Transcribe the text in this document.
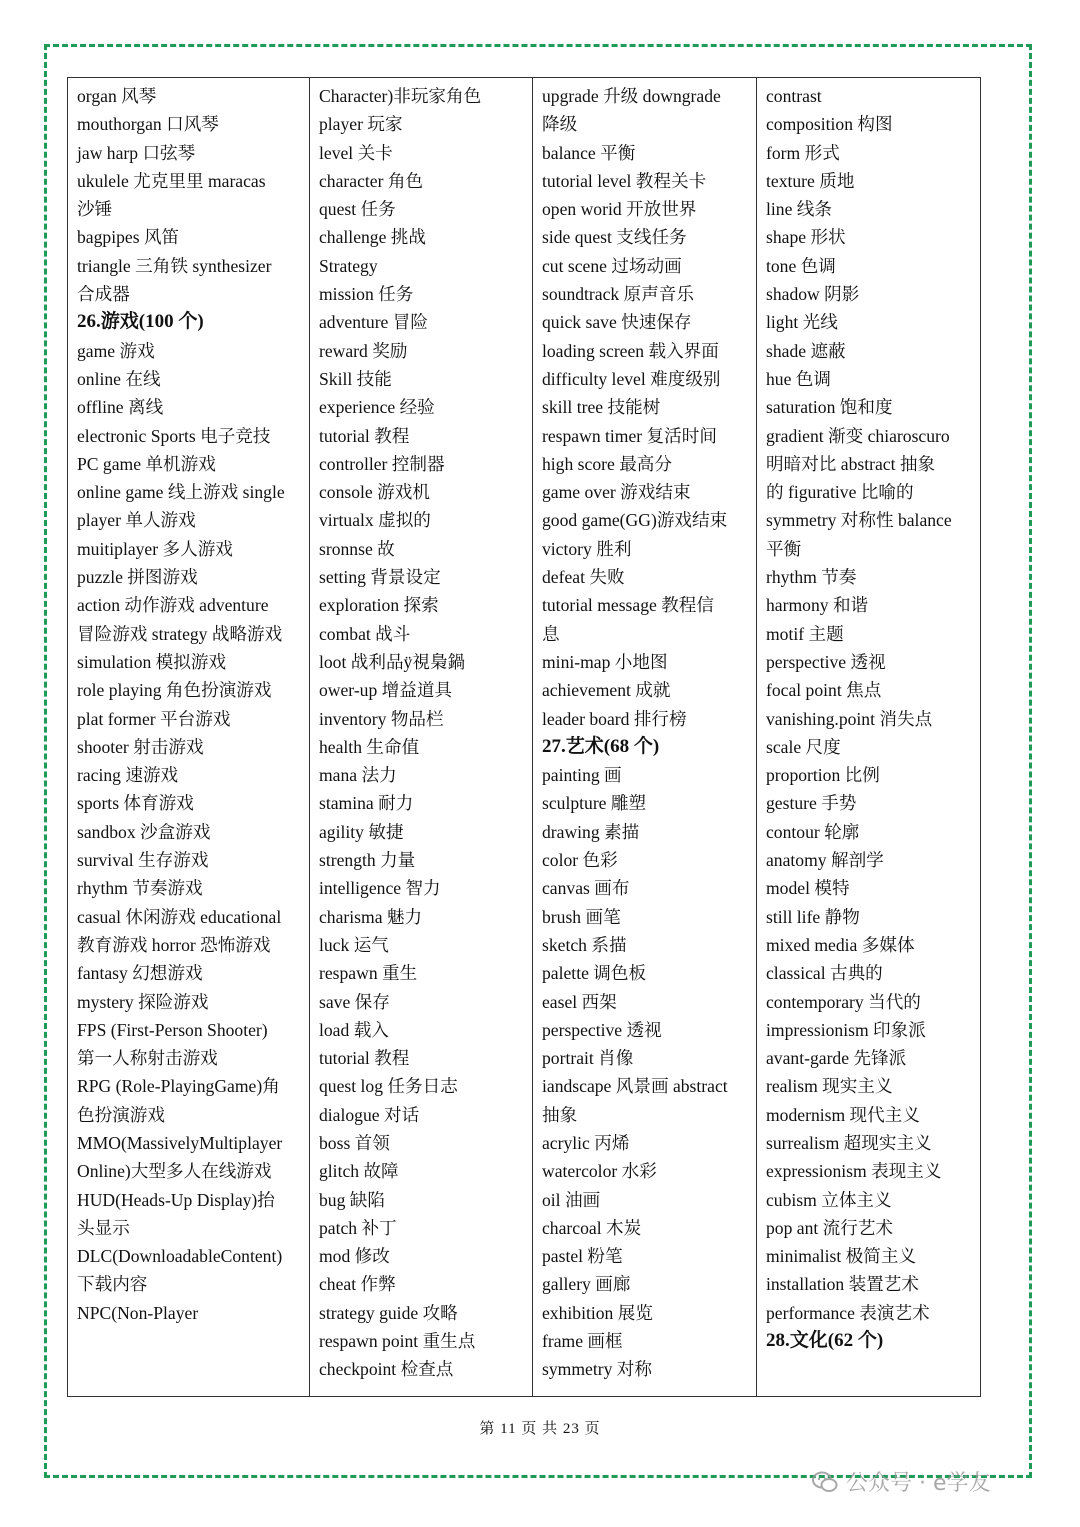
organ 风琴
mouthorgan 口风琴
jaw harp 口弦琴
ukulele 尤克里里 maracas
沙锤
bagpipes 风笛
triangle 三角铁 synthesizer
合成器
26.游戏(100 个)
game 游戏
online 在线
offline 离线
electronic Sports 电子竞技
PC game 单机游戏
online game 线上游戏 single
player 单人游戏
muitiplayer 多人游戏
puzzle 拼图游戏
action 动作游戏 adventure
冒险游戏 strategy 战略游戏
simulation 模拟游戏
role playing 角色扮演游戏
plat former 平台游戏
shooter 射击游戏
racing 速游戏
sports 体育游戏
sandbox 沙盒游戏
survival 生存游戏
rhythm 节奏游戏
casual 休闲游戏 educational
教育游戏 horror 恐怖游戏
fantasy 幻想游戏
mystery 探险游戏
FPS (First-Person Shooter)
第一人称射击游戏
RPG (Role-PlayingGame)角
色扮演游戏
MMO(MassivelyMultiplayer
Online)大型多人在线游戏
HUD(Heads-Up Display)抬
头显示
DLC(DownloadableContent)
下载内容
NPC(Non-Player

Character)非玩家角色
player 玩家
level 关卡
character 角色
quest 任务
challenge 挑战
Strategy
mission 任务
adventure 冒险
reward 奖励
Skill 技能
experience 经验
tutorial 教程
controller 控制器
console 游戏机
virtualx 虚拟的
sronnse 故
setting 背景设定
exploration 探索
combat 战斗
loot 战利品ÿ視梟鍋
ower-up 增益道具
inventory 物品栏
health 生命值
mana 法力
stamina 耐力
agility 敏捷
strength 力量
intelligence 智力
charisma 魅力
luck 运气
respawn 重生
save 保存
load 载入
tutorial 教程
quest log 任务日志
dialogue 对话
boss 首领
glitch 故障
bug 缺陷
patch 补丁
mod 修改
cheat 作弊
strategy guide 攻略
respawn point 重生点
checkpoint 检查点

upgrade 升级 downgrade
降级
balance 平衡
tutorial level 教程关卡
open worid 开放世界
side quest 支线任务
cut scene 过场动画
soundtrack 原声音乐
quick save 快速保存
loading screen 载入界面
difficulty level 难度级别
skill tree 技能树
respawn timer 复活时间
high score 最高分
game over 游戏结束
good game(GG)游戏结束
victory 胜利
defeat 失败
tutorial message 教程信
息
mini-map 小地图
achievement 成就
leader board 排行榜
27.艺术(68 个)
painting 画
sculpture 雕塑
drawing 素描
color 色彩
canvas 画布
brush 画笔
sketch 系描
palette 调色板
easel 西架
perspective 透视
portrait 肖像
iandscape 风景画 abstract
抽象
acrylic 丙烯
watercolor 水彩
oil 油画
charcoal 木炭
pastel 粉笔
gallery 画廊
exhibition 展览
frame 画框
symmetry 对称

contrast
composition 构图
form 形式
texture 质地
line 线条
shape 形状
tone 色调
shadow 阴影
light 光线
shade 遮蔽
hue 色调
saturation 饱和度
gradient 渐变 chiaroscuro
明暗对比 abstract 抽象
的 figurative 比喻的
symmetry 对称性 balance
平衡
rhythm 节奏
harmony 和谐
motif 主题
perspective 透视
focal point 焦点
vanishing.point 消失点
scale 尺度
proportion 比例
gesture 手势
contour 轮廓
anatomy 解剖学
model 模特
still life 静物
mixed media 多媒体
classical 古典的
contemporary 当代的
impressionism 印象派
avant-garde 先锋派
realism 现实主义
modernism 现代主义
surrealism 超现实主义
expressionism 表现主义
cubism 立体主义
pop ant 流行艺术
minimalist 极简主义
installation 装置艺术
performance 表演艺术
28.文化(62 个)
第 11 页 共 23 页
公众号 · e学友
